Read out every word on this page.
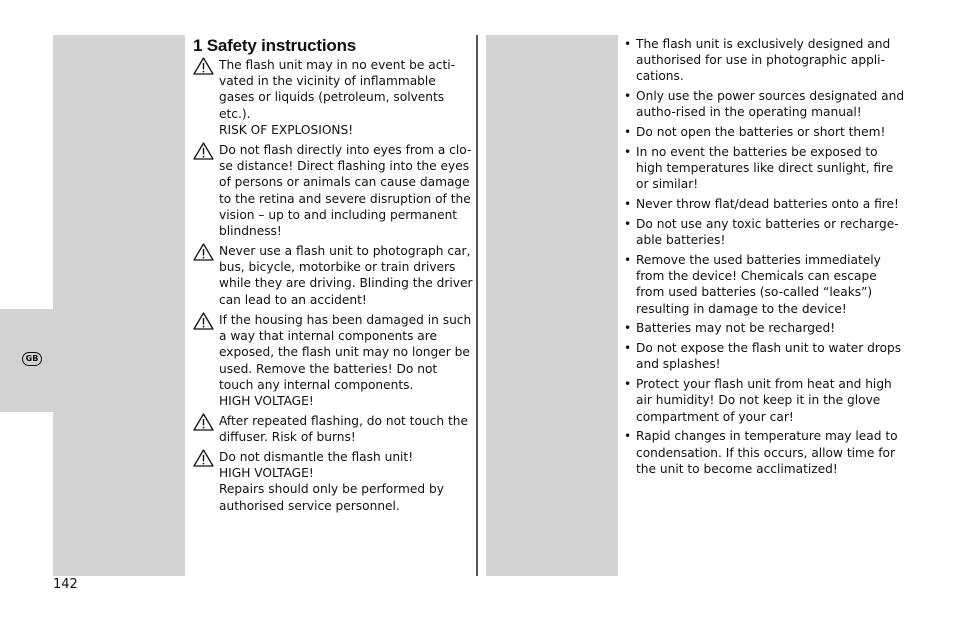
GB
1 Safety instructions
The flash unit may in no event be acti-
vated in the vicinity of inflammable
gases or liquids (petroleum, solvents
etc.).
RISK OF EXPLOSIONS!
Do not flash directly into eyes from a clo-
se distance! Direct flashing into the eyes
of persons or animals can cause damage
to the retina and severe disruption of the
vision – up to and including permanent
blindness!
Never use a flash unit to photograph car,
bus, bicycle, motorbike or train drivers
while they are driving. Blinding the driver
can lead to an accident!
If the housing has been damaged in such
a way that internal components are
exposed, the flash unit may no longer be
used. Remove the batteries! Do not
touch any internal components.
HIGH VOLTAGE!
After repeated flashing, do not touch the
diffuser. Risk of burns!
Do not dismantle the flash unit!
HIGH VOLTAGE!
Repairs should only be performed by
authorised service personnel.
• The flash unit is exclusively designed and
authorised for use in photographic appli-
cations.
• Only use the power sources designated and
autho-rised in the operating manual!
• Do not open the batteries or short them!
• In no event the batteries be exposed to
high temperatures like direct sunlight, fire
or similar!
• Never throw flat/dead batteries onto a fire!
• Do not use any toxic batteries or recharge-
able batteries!
• Remove the used batteries immediately
from the device! Chemicals can escape
from used batteries (so-called “leaks”)
resulting in damage to the device!
• Batteries may not be recharged!
• Do not expose the flash unit to water drops
and splashes!
• Protect your flash unit from heat and high
air humidity! Do not keep it in the glove
compartment of your car!
• Rapid changes in temperature may lead to
condensation. If this occurs, allow time for
the unit to become acclimatized!
142
